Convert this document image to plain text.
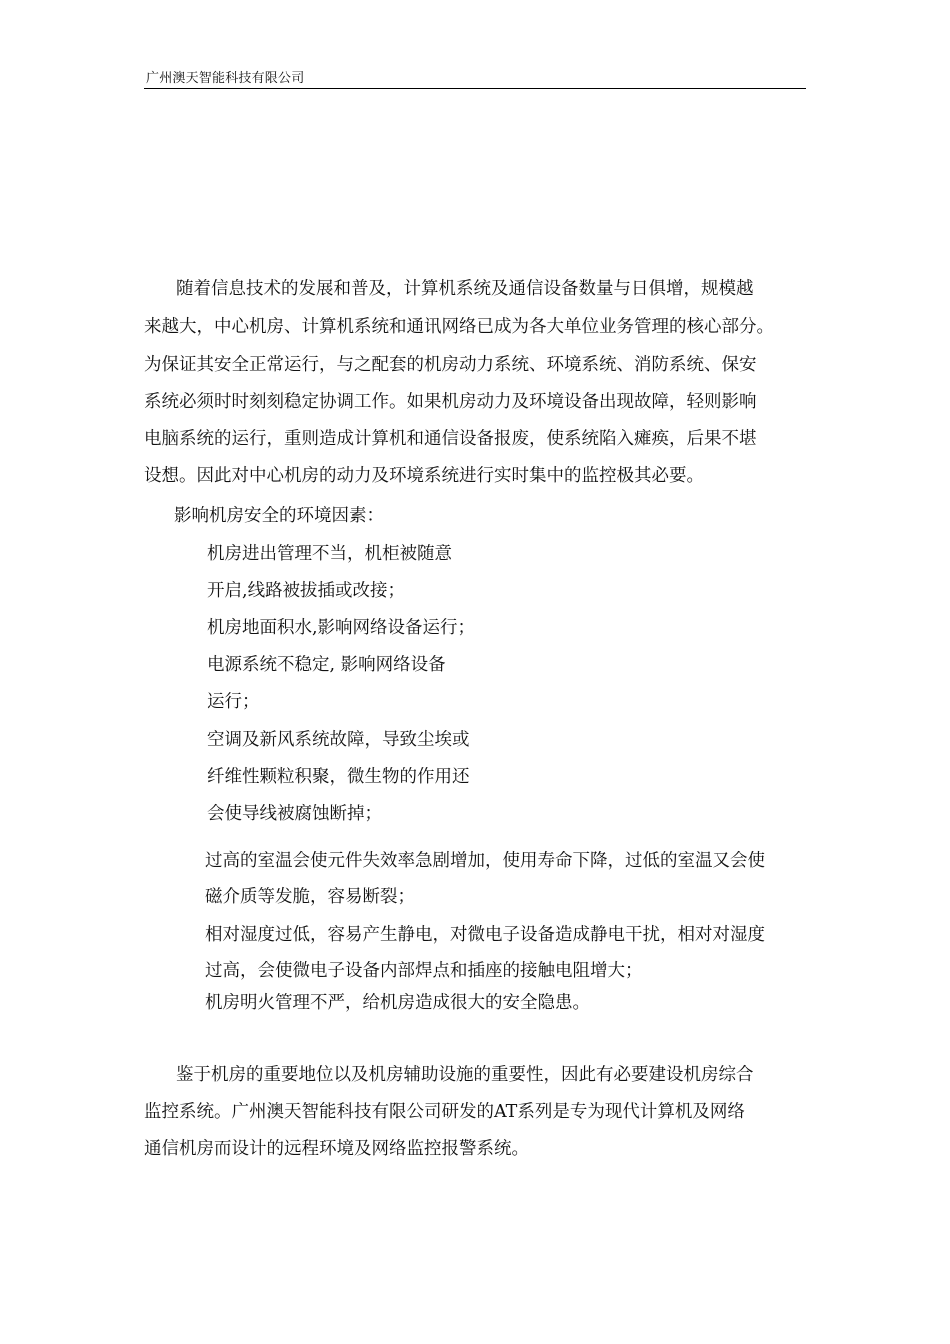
广州澳天智能科技有限公司
随着信息技术的发展和普及，计算机系统及通信设备数量与日俱增，规模越
来越大，中心机房、计算机系统和通讯网络已成为各大单位业务管理的核心部分。
为保证其安全正常运行，与之配套的机房动力系统、环境系统、消防系统、保安
系统必须时时刻刻稳定协调工作。如果机房动力及环境设备出现故障，轻则影响
电脑系统的运行，重则造成计算机和通信设备报废，使系统陷入瘫痪，后果不堪
设想。因此对中心机房的动力及环境系统进行实时集中的监控极其必要。
影响机房安全的环境因素：
机房进出管理不当，机柜被随意
开启,线路被拔插或改接；
机房地面积水,影响网络设备运行；
电源系统不稳定, 影响网络设备
运行；
空调及新风系统故障，导致尘埃或
纤维性颗粒积聚，微生物的作用还
会使导线被腐蚀断掉；
过高的室温会使元件失效率急剧增加，使用寿命下降，过低的室温又会使
磁介质等发脆，容易断裂；
相对湿度过低，容易产生静电，对微电子设备造成静电干扰，相对对湿度
过高，会使微电子设备内部焊点和插座的接触电阻增大；
机房明火管理不严，给机房造成很大的安全隐患。
鉴于机房的重要地位以及机房辅助设施的重要性，因此有必要建设机房综合
监控系统。广州澳天智能科技有限公司研发的AT系列是专为现代计算机及网络
通信机房而设计的远程环境及网络监控报警系统。
